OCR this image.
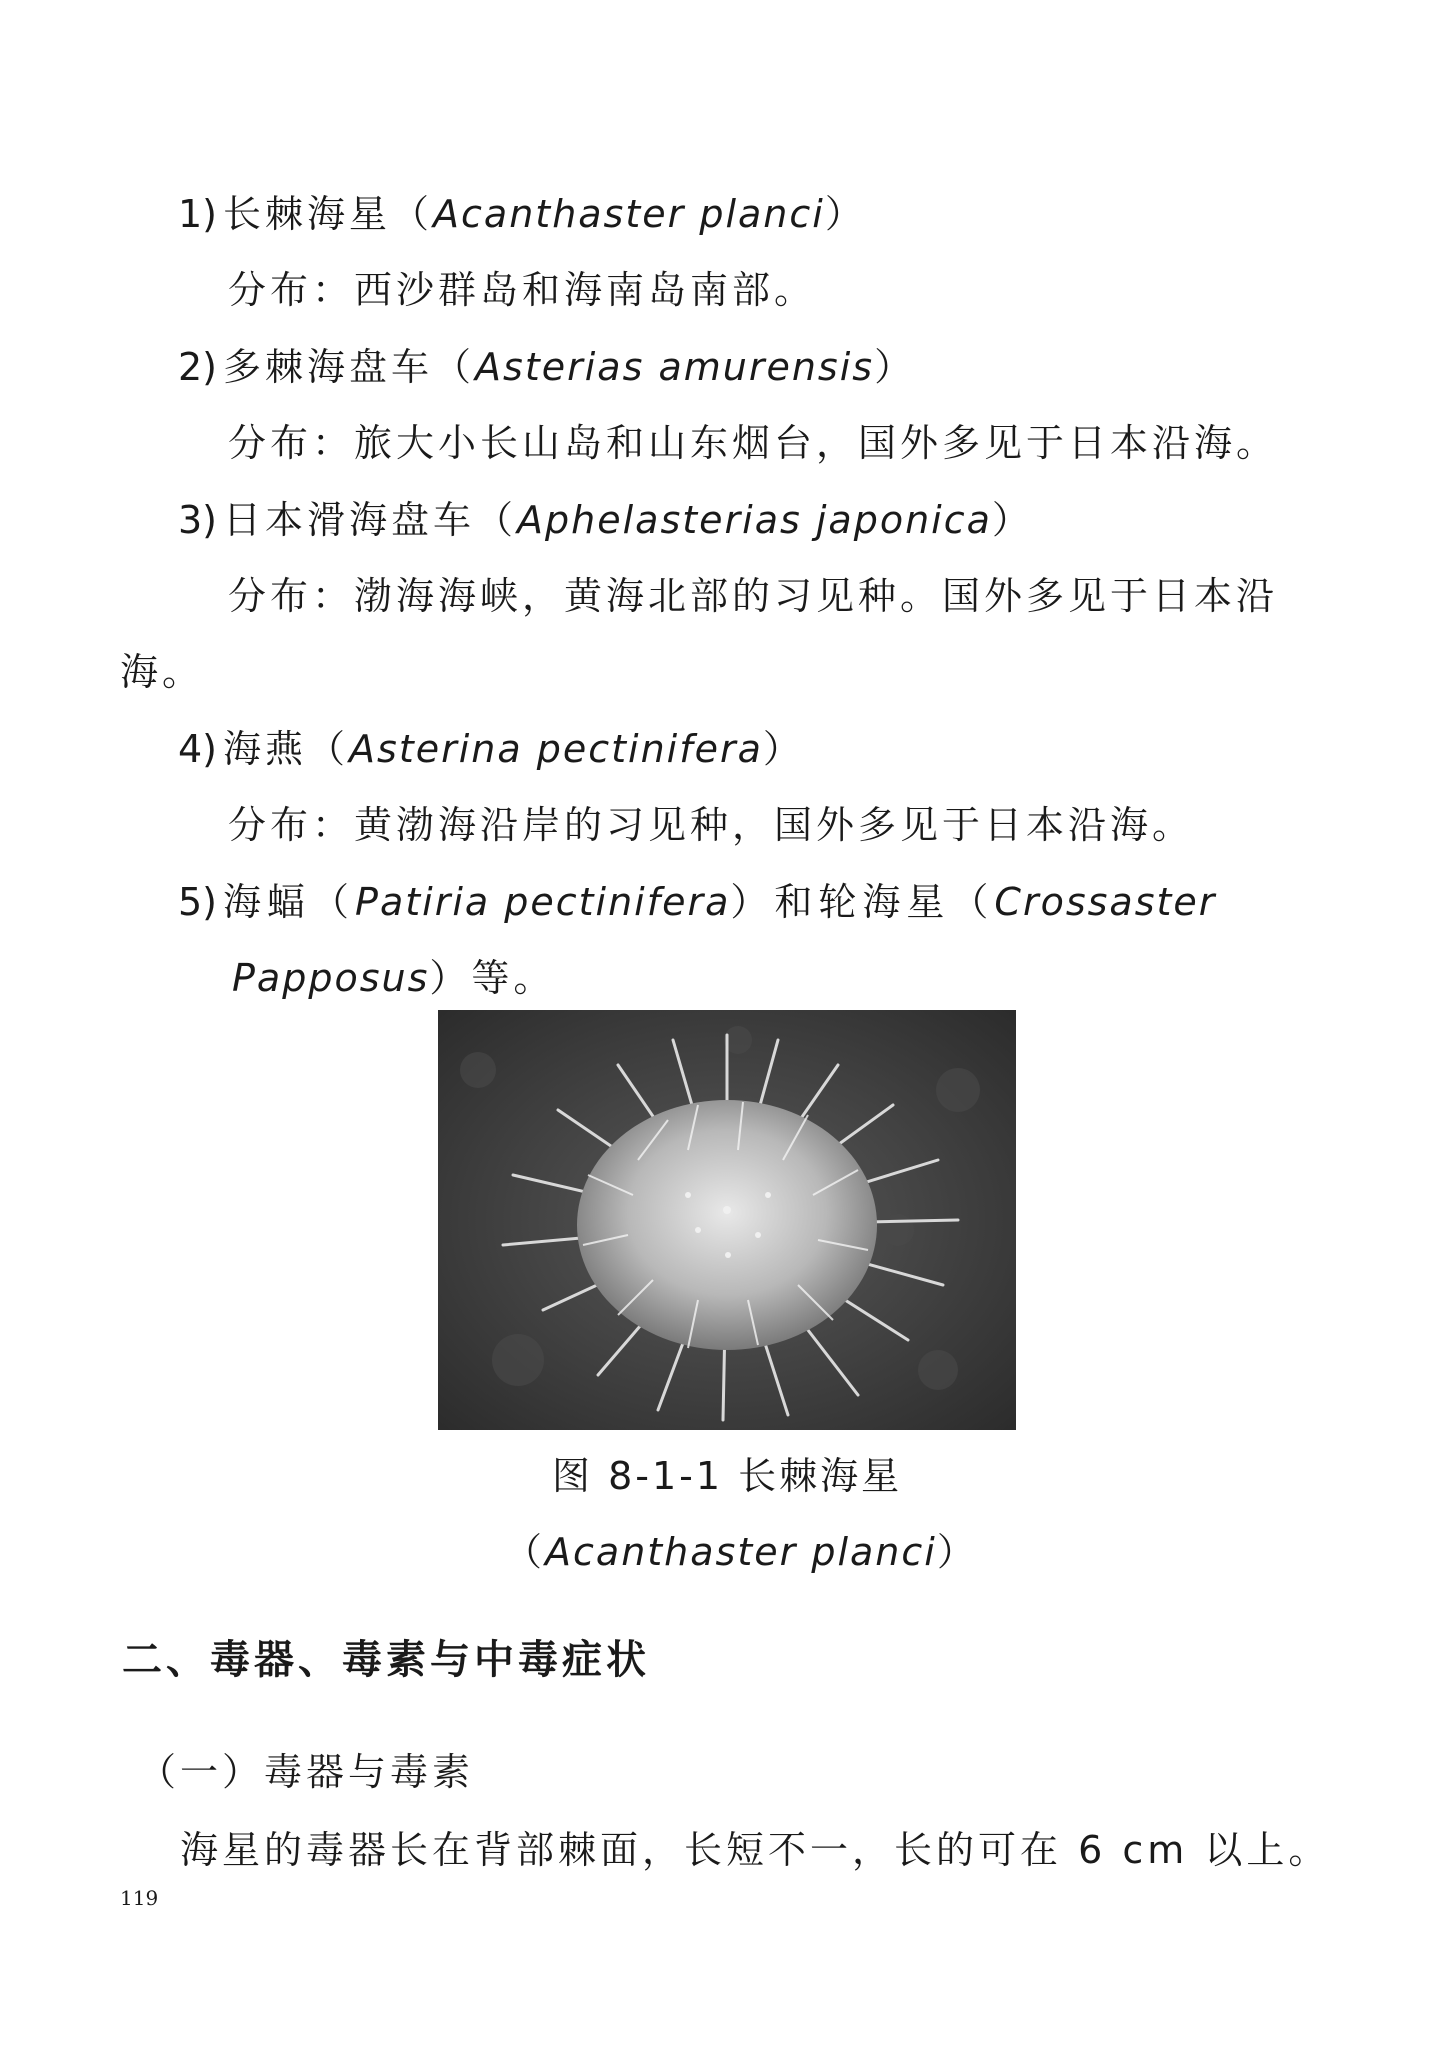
1) 长棘海星（Acanthaster planci）
分布：西沙群岛和海南岛南部。
2) 多棘海盘车（Asterias amurensis）
分布：旅大小长山岛和山东烟台，国外多见于日本沿海。
3) 日本滑海盘车（Aphelasterias japonica）
分布：渤海海峡，黄海北部的习见种。国外多见于日本沿
海。
4) 海燕（Asterina pectinifera）
分布：黄渤海沿岸的习见种，国外多见于日本沿海。
5) 海蝠（Patiria pectinifera）和轮海星（Crossaster
Papposus）等。
图 8-1-1 长棘海星
（Acanthaster planci）
二、毒器、毒素与中毒症状
（一）毒器与毒素
海星的毒器长在背部棘面，长短不一，长的可在 6 cm 以上。
119
